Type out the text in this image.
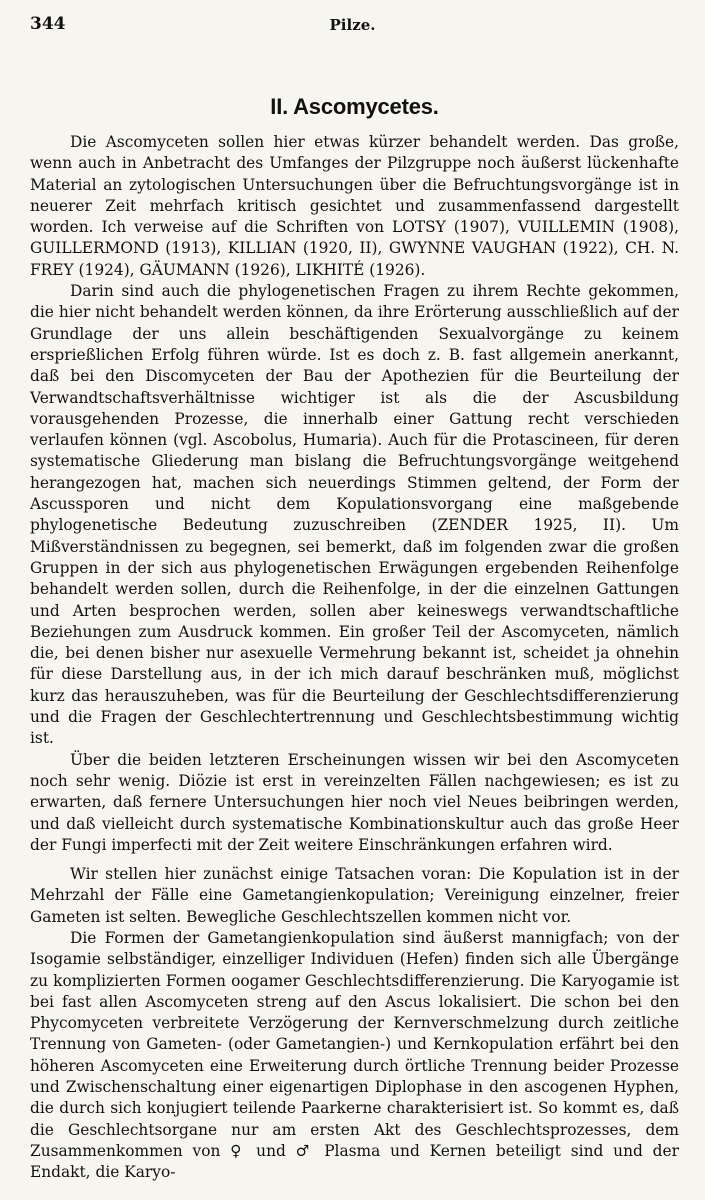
344	Pilze.
II. Ascomycetes.

Die Ascomyceten sollen hier etwas kürzer behandelt werden. Das große, wenn auch in Anbetracht des Umfanges der Pilzgruppe noch äußerst lückenhafte Material an zytologischen Untersuchungen über die Befruchtungsvorgänge ist in neuerer Zeit mehrfach kritisch gesichtet und zusammenfassend dargestellt worden. Ich verweise auf die Schriften von LOTSY (1907), VUILLEMIN (1908), GUILLERMOND (1913), KILLIAN (1920, II), GWYNNE VAUGHAN (1922), CH. N. FREY (1924), GÄUMANN (1926), LIKHITÉ (1926).

Darin sind auch die phylogenetischen Fragen zu ihrem Rechte gekommen, die hier nicht behandelt werden können, da ihre Erörterung ausschließlich auf der Grundlage der uns allein beschäftigenden Sexualvorgänge zu keinem ersprießlichen Erfolg führen würde. Ist es doch z. B. fast allgemein anerkannt, daß bei den Discomyceten der Bau der Apothezien für die Beurteilung der Verwandtschaftsverhältnisse wichtiger ist als die der Ascusbildung vorausgehenden Prozesse, die innerhalb einer Gattung recht verschieden verlaufen können (vgl. Ascobolus, Humaria). Auch für die Protascineen, für deren systematische Gliederung man bislang die Befruchtungsvorgänge weitgehend herangezogen hat, machen sich neuerdings Stimmen geltend, der Form der Ascussporen und nicht dem Kopulationsvorgang eine maßgebende phylogenetische Bedeutung zuzuschreiben (ZENDER 1925, II). Um Mißverständnissen zu begegnen, sei bemerkt, daß im folgenden zwar die großen Gruppen in der sich aus phylogenetischen Erwägungen ergebenden Reihenfolge behandelt werden sollen, durch die Reihenfolge, in der die einzelnen Gattungen und Arten besprochen werden, sollen aber keineswegs verwandtschaftliche Beziehungen zum Ausdruck kommen. Ein großer Teil der Ascomyceten, nämlich die, bei denen bisher nur asexuelle Vermehrung bekannt ist, scheidet ja ohnehin für diese Darstellung aus, in der ich mich darauf beschränken muß, möglichst kurz das herauszuheben, was für die Beurteilung der Geschlechtsdifferenzierung und die Fragen der Geschlechtertrennung und Geschlechtsbestimmung wichtig ist.

Über die beiden letzteren Erscheinungen wissen wir bei den Ascomyceten noch sehr wenig. Diözie ist erst in vereinzelten Fällen nachgewiesen; es ist zu erwarten, daß fernere Untersuchungen hier noch viel Neues beibringen werden, und daß vielleicht durch systematische Kombinationskultur auch das große Heer der Fungi imperfecti mit der Zeit weitere Einschränkungen erfahren wird.

Wir stellen hier zunächst einige Tatsachen voran: Die Kopulation ist in der Mehrzahl der Fälle eine Gametangienkopulation; Vereinigung einzelner, freier Gameten ist selten. Bewegliche Geschlechtszellen kommen nicht vor.

Die Formen der Gametangienkopulation sind äußerst mannigfach; von der Isogamie selbständiger, einzelliger Individuen (Hefen) finden sich alle Übergänge zu komplizierten Formen oogamer Geschlechtsdifferenzierung. Die Karyogamie ist bei fast allen Ascomyceten streng auf den Ascus lokalisiert. Die schon bei den Phycomyceten verbreitete Verzögerung der Kernverschmelzung durch zeitliche Trennung von Gameten- (oder Gametangien-) und Kernkopulation erfährt bei den höheren Ascomyceten eine Erweiterung durch örtliche Trennung beider Prozesse und Zwischenschaltung einer eigenartigen Diplophase in den ascogenen Hyphen, die durch sich konjugiert teilende Paarkerne charakterisiert ist. So kommt es, daß die Geschlechtsorgane nur am ersten Akt des Geschlechtsprozesses, dem Zusammenkommen von ♀ und ♂ Plasma und Kernen beteiligt sind und der Endakt, die Karyo-
